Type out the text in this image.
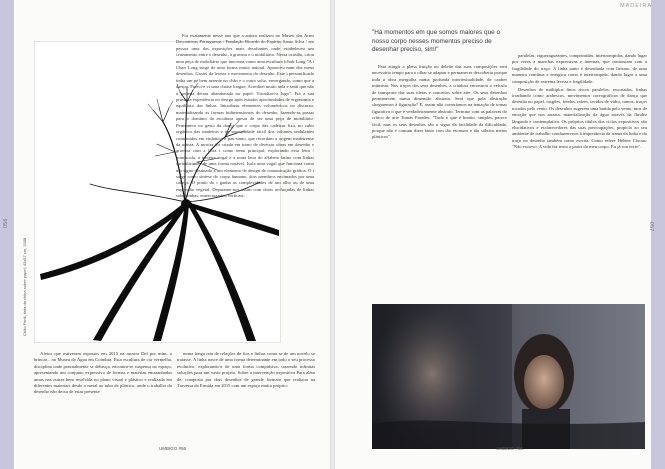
056	057
MADEIRA
Chão Fértil, tinta da china sobre papel, 42x57 cm, 2008

Foi exatamente nesse ano que a autora realizou no Museu das Artes Decorativas Portuguesas / Fundação Ricardo do Espírito Santo Silva / em pessoa uma das exposições mais desafiantes onde estabeleceu um cruzamento entre o desenho, a gravura e o mobiliário. Nessa ocasião, criou uma peça de mobiliário que funciona como uma escultura (chair Long "A i Chair Long surge de uma forma muito natural. Apareceu num dos meus desenhos. Gostei da leveza e movimento do desenho. Este i personificado tinha um pé bem assente no chão e o outro solto, envergando, como que a dançar. Pareci-e vi uma chaise longue. Acreditei muito nela e senti que não a poderia deixar abandonada no papel. Visualizei-a logo". Foi a sua primeira experiência no design após estudos aprofundados de ergonomia e equilíbrio das linhas. Introduziu elementos volumétricos no discurso, materializando as formas bidimensionais do desenho, fazendo-as passar para o domínio da escultura apesar de ser uma peça de mobiliário. Permanece no gesto da dança que o corpo das cadeiras fixa, no calor orgânico das madeiras e na sensualidade táctil dos volumes ondulantes construídos em vinhático e pau-santo, que recordam a origem madeirense da artista. A mostra foi criada em torno de diversas obras em desenho e gravura com a letra i como tema principal, explorando essa letra / minúscula, a terceira vogal e a nona letra do alfabeto latino com linhas surrealizantes de uma forma notável. Isola uma vogal que funciona como um signo destinado a um elemento de design de comunicação gráfica. O i surge como síntese do corpo humano, dois membros encimados por uma cabeça. O ponto do i ganha as complexidades de um olho ou de uma expressão vegetal. Deparamo-nos assim com obras rechaçadas de linhas sobre linhas, entrecruzadas, verticais,

Afetos que estiveram expostos em 2015 na mostra Del por mim, o brincar... no Museu da Água em Coimbra. Esta escultura de cor vermelha, disciplina onde pontualmente se debruça, encontra-se suspensa no espaço, apresentando um conjunto expressivo de formas e matérias emaranhadas umas nas outras bem resolvida no plano visual e plástico e realizada em diferentes materiais desde o metal ao tubo de plástico, onde o trabalho do desenho não deixa de estar presente

numa longa teia de relações de fios e linhas como se de um novelo se tratasse. A linha nasce de uma forma determinante em todo o seu processo evolutivo, explorando-a de uma forma compulsiva, trazendo infinitas soluções para um vasto projeto. Sobre a intervenção expositiva Para além de, composta por dois desenhos de grande formato que realizou na Travessa da Ermida em 2015 com um espaço muito próprio:

"Há momentos em que somos maiores que o nosso corpo nesses momentos preciso de desenhar preciso, sim!"

paralelas, ziguezagueantes, comprimidas, intertrompidas, dando lugar por vezes a manchas expressivas e intensas, que contrastam com a fragilidade do traço. A linha tanto é desenhada com lirismo, de uma maneira contínua e enérgica como é interrompida, dando lugar a uma composição de extrema leveza e fragilidade.

Desenhos de múltiplos finos riscos paralelos, recortados, linhas irradiando como arabescos, movimentos coreográficos de dança que desenha no papel, rasgões, fendas, raízes, tecidos de vidro, ramos, traços tocados pelo vento. Os desenhos sugerem uma batida pelo vento, mos de emoção que nos arrasta, materialização da água através da fluidez lânguida e contemplativa. Os próprios títulos dos ciclos expositivos são elucidativos e esclarecedores das suas preocupações, propício ao seu ambiente de trabalho conduzem-nos à importância da trama da linha e do traço no desenho também como escrita. Como refere Hélène Cixous: "Não escrevo. A vida faz texto a partir do meu corpo. Eu já sou texto".

Para atingir a plena fruição no deleite das suas composições será necessário tempo para o olhar se adaptar e permanecer descoberta porque toda a obra mergulha numa profunda intertextualidade, de caráter intimista. Nos traços dos seus desenhos, a criadora encontrou o veículo de transporte das suas ideias e conceitos sobre arte. Os seus desenhos permanecem numa dimensão abstrata. Será que pela abstração chegaremos à figuração? E, assim não correríamos na tentação de tornar figurativo o que é verdadeiramente abstrato. Termino com as palavras do crítico de arte Tomás Paredes: "Tudo o que é bonito, simples, parece fácil, mas os seus desenhos são o signo da facilidade da dificuldade, porque não é comum dizer tanto com tão escassos e tão sóbrios meios plásticos".

UMBIGO #56	UMBIGO #56
